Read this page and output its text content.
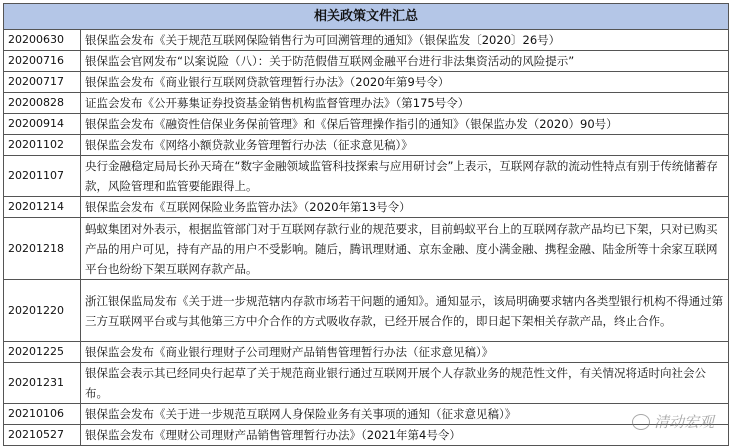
相关政策文件汇总
20200630	银保监会发布《关于规范互联网保险销售行为可回溯管理的通知》（银保监发〔2020〕26号）
20200716	银保监会官网发布“以案说险（八）：关于防范假借互联网金融平台进行非法集资活动的风险提示”
20200717	银保监会发布《商业银行互联网贷款管理暂行办法》（2020年第9号令）
20200828	证监会发布《公开募集证券投资基金销售机构监督管理办法》（第175号令）
20200914	银保监会发布《融资性信保业务保前管理》和《保后管理操作指引的通知》（银保监办发（2020）90号）
20201102	银保监会发布《网络小额贷款业务管理暂行办法（征求意见稿）》
20201107	央行金融稳定局局长孙天琦在“数字金融领域监管科技探索与应用研讨会”上表示，互联网存款的流动性特点有别于传统储蓄存款，风险管理和监管要能跟得上。
20201214	银保监会发布《互联网保险业务监管办法》（2020年第13号令）
20201218	蚂蚁集团对外表示，根据监管部门对于互联网存款行业的规范要求，目前蚂蚁平台上的互联网存款产品均已下架，只对已购买产品的用户可见，持有产品的用户不受影响。随后，腾讯理财通、京东金融、度小满金融、携程金融、陆金所等十余家互联网平台也纷纷下架互联网存款产品。
20201220	浙江银保监局发布《关于进一步规范辖内存款市场若干问题的通知》。通知显示，该局明确要求辖内各类型银行机构不得通过第三方互联网平台或与其他第三方中介合作的方式吸收存款，已经开展合作的，即日起下架相关存款产品，终止合作。
20201225	银保监会发布《商业银行理财子公司理财产品销售管理暂行办法（征求意见稿）》
20201231	银保监会表示其已经同央行起草了关于规范商业银行通过互联网开展个人存款业务的规范性文件，有关情况将适时向社会公布。
20210106	银保监会发布《关于进一步规范互联网人身保险业务有关事项的通知（征求意见稿）》
20210527	银保监会发布《理财公司理财产品销售管理暂行办法》（2021年第4号令）
清动宏观
